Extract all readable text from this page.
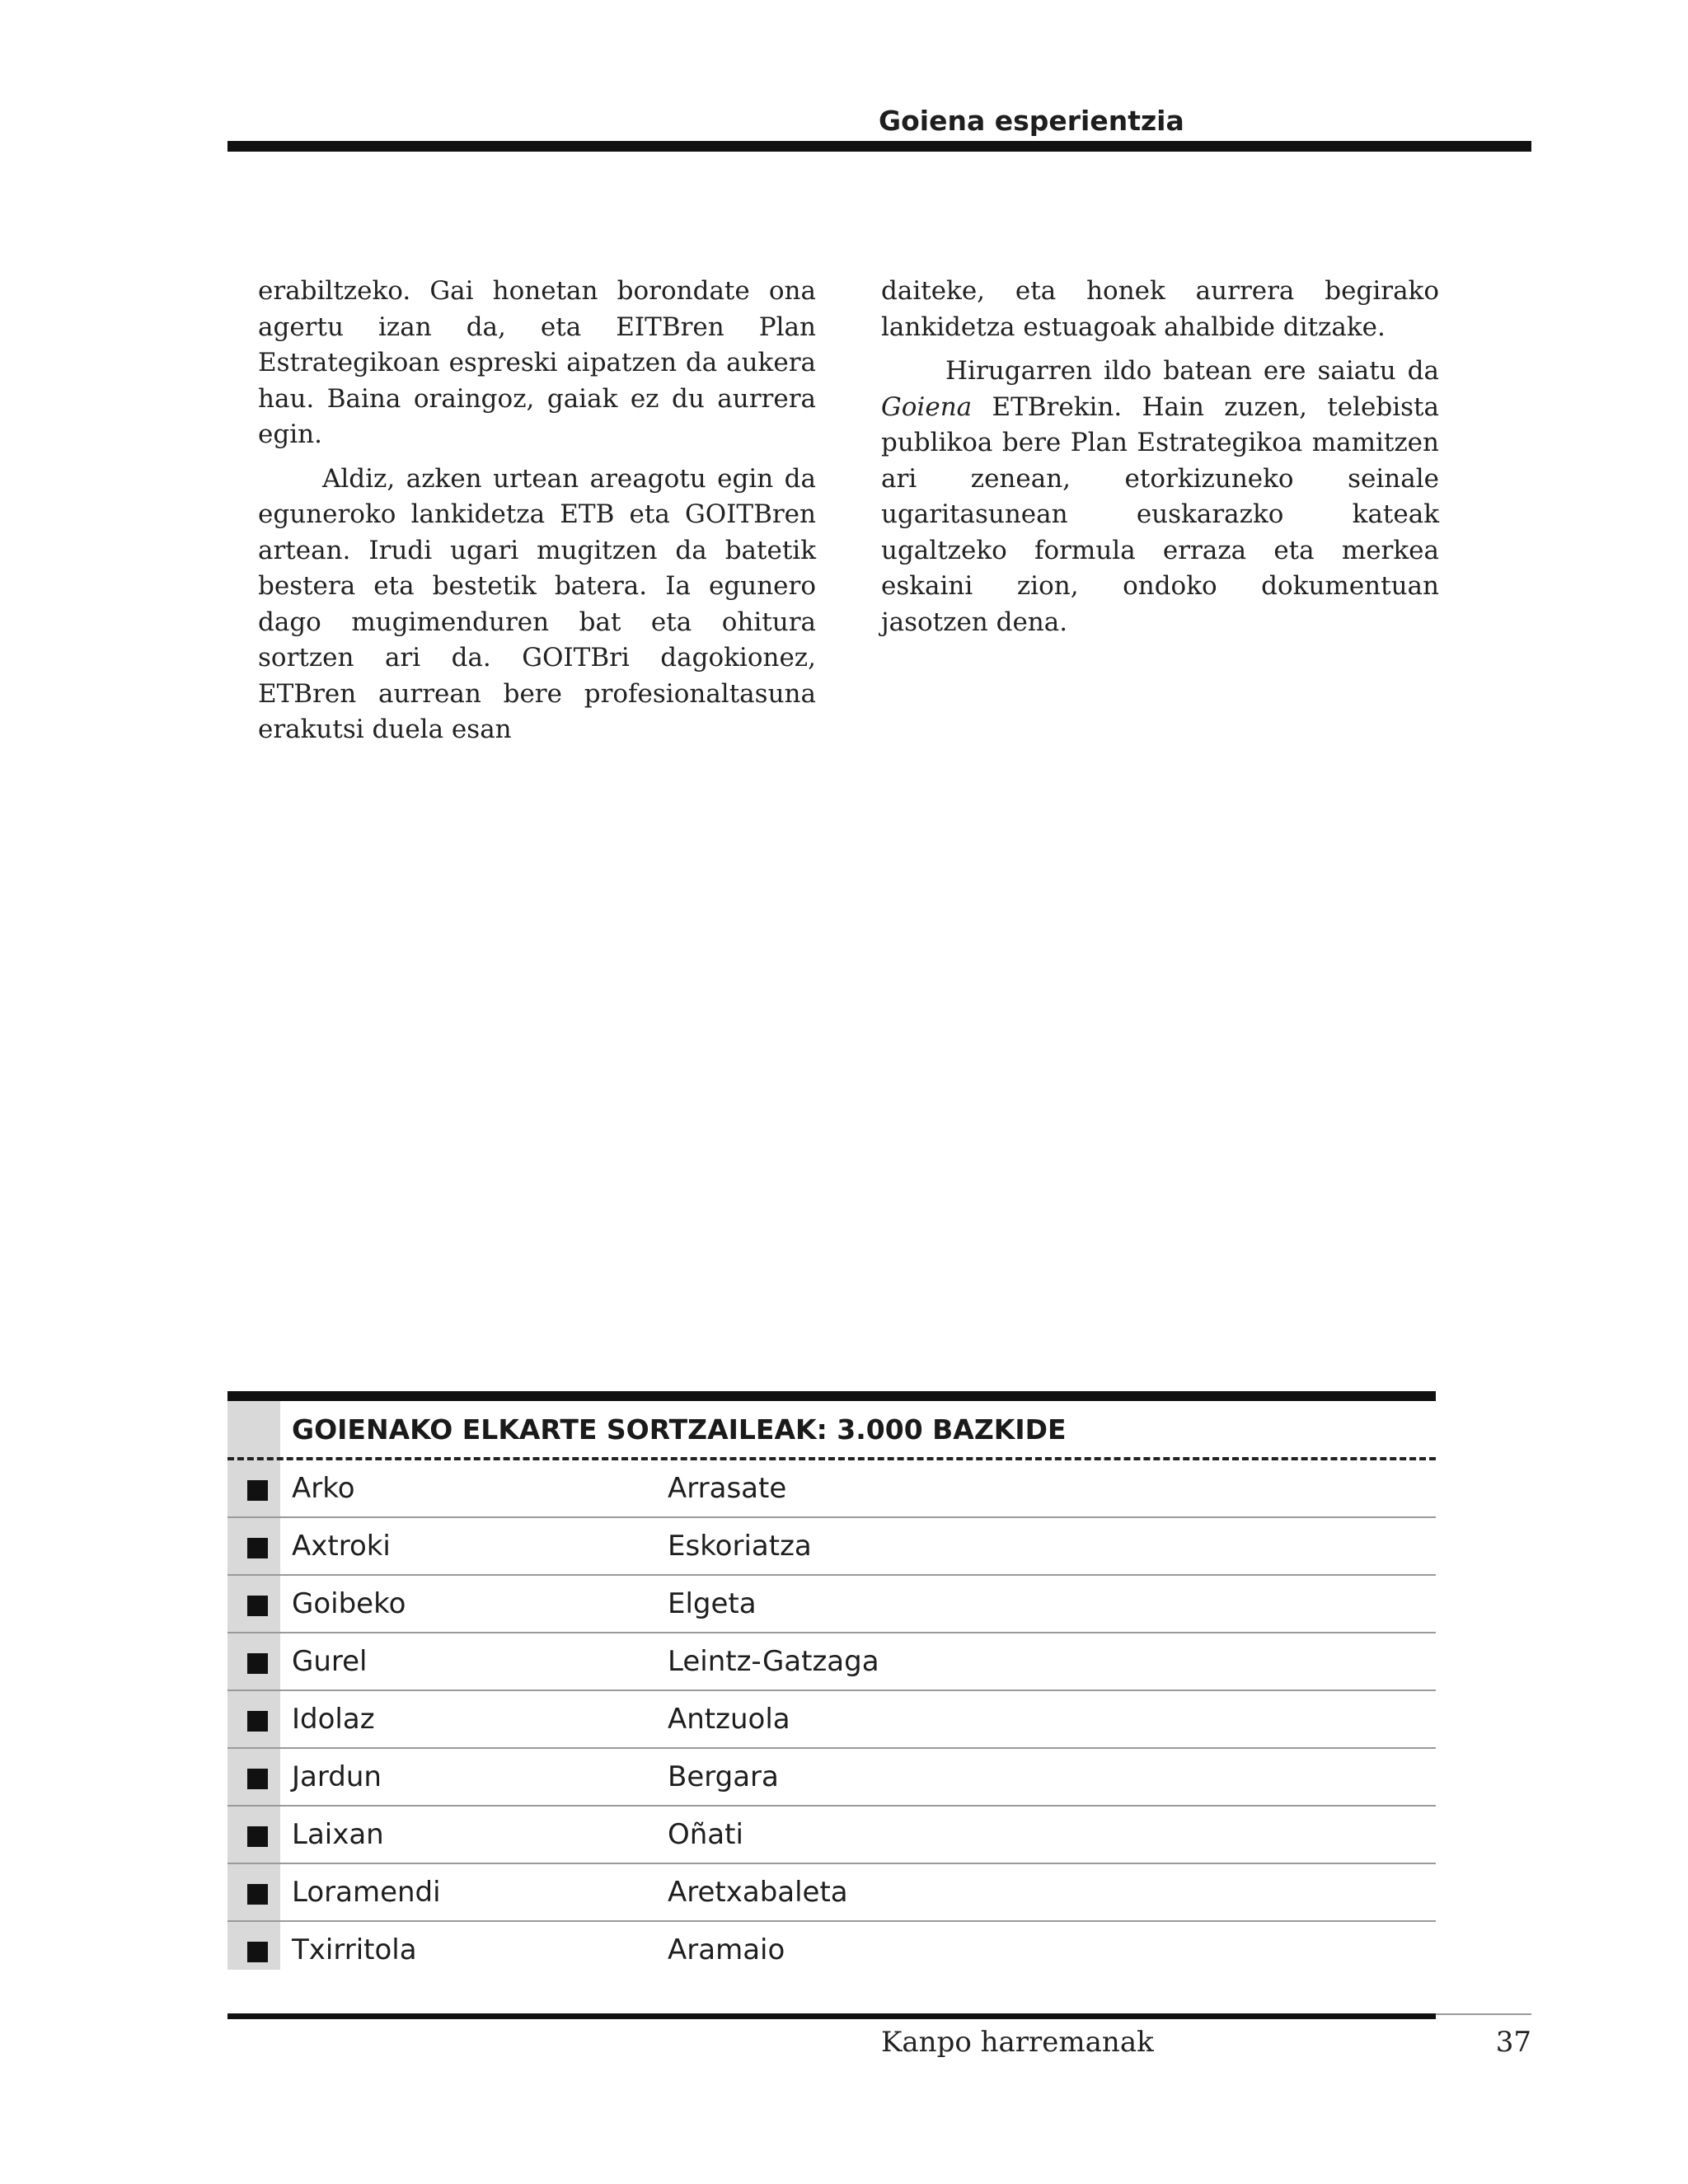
Goiena esperientzia

erabiltzeko. Gai honetan borondate ona agertu izan da, eta EITBren Plan Estrategikoan espreski aipatzen da aukera hau. Baina oraingoz, gaiak ez du aurrera egin.

Aldiz, azken urtean areagotu egin da eguneroko lankidetza ETB eta GOITBren artean. Irudi ugari mugitzen da batetik bestera eta bestetik batera. Ia egunero dago mugimenduren bat eta ohitura sortzen ari da. GOITBri dagokionez, ETBren aurrean bere profesionaltasuna erakutsi duela esan

daiteke, eta honek aurrera begirako lankidetza estuagoak ahalbide ditzake.

Hirugarren ildo batean ere saiatu da Goiena ETBrekin. Hain zuzen, telebista publikoa bere Plan Estrategikoa mamitzen ari zenean, etorkizuneko seinale ugaritasunean euskarazko kateak ugaltzeko formula erraza eta merkea eskaini zion, ondoko dokumentuan jasotzen dena.

GOIENAKO ELKARTE SORTZAILEAK: 3.000 BAZKIDE
Arko	Arrasate
Axtroki	Eskoriatza
Goibeko	Elgeta
Gurel	Leintz-Gatzaga
Idolaz	Antzuola
Jardun	Bergara
Laixan	Oñati
Loramendi	Aretxabaleta
Txirritola	Aramaio
Kanpo harremanak	37
